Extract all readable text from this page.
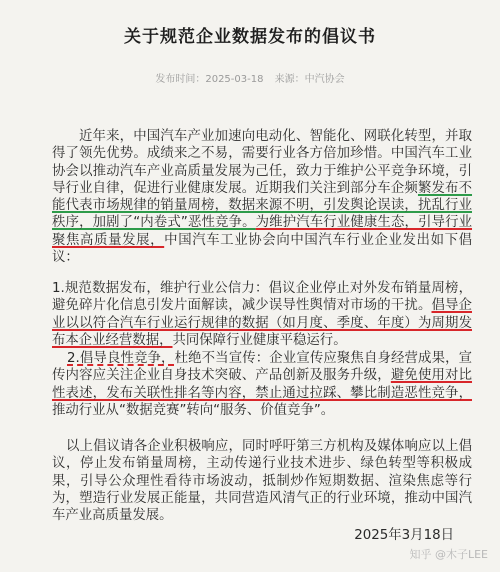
关于规范企业数据发布的倡议书
发布时间：2025-03-18 来源：中汽协会
近年来，中国汽车产业加速向电动化、智能化、网联化转型，并取得了领先优势。成绩来之不易，需要行业各方倍加珍惜。中国汽车工业协会以推动汽车产业高质量发展为己任，致力于维护公平竞争环境，引导行业自律，促进行业健康发展。近期我们关注到部分车企频繁发布不能代表市场规律的销量周榜，数据来源不明，引发舆论误读，扰乱行业秩序，加剧了“内卷式”恶性竞争。为维护汽车行业健康生态，引导行业聚焦高质量发展，中国汽车工业协会向中国汽车行业企业发出如下倡议：
1.规范数据发布，维护行业公信力：倡议企业停止对外发布销量周榜，避免碎片化信息引发片面解读，减少误导性舆情对市场的干扰。倡导企业以以符合汽车行业运行规律的数据（如月度、季度、年度）为周期发布本企业经营数据，共同保障行业健康平稳运行。
2.倡导良性竞争，杜绝不当宣传：企业宣传应聚焦自身经营成果，宣传内容应关注企业自身技术突破、产品创新及服务升级，避免使用对比性表述，发布关联性排名等内容，禁止通过拉踩、攀比制造恶性竞争，推动行业从“数据竞赛”转向“服务、价值竞争”。
以上倡议请各企业积极响应，同时呼吁第三方机构及媒体响应以上倡议，停止发布销量周榜，主动传递行业技术进步、绿色转型等积极成果，引导公众理性看待市场波动，抵制炒作短期数据、渲染焦虑等行为，塑造行业发展正能量，共同营造风清气正的行业环境，推动中国汽车产业高质量发展。
2025年3月18日
知乎 @木子LEE
